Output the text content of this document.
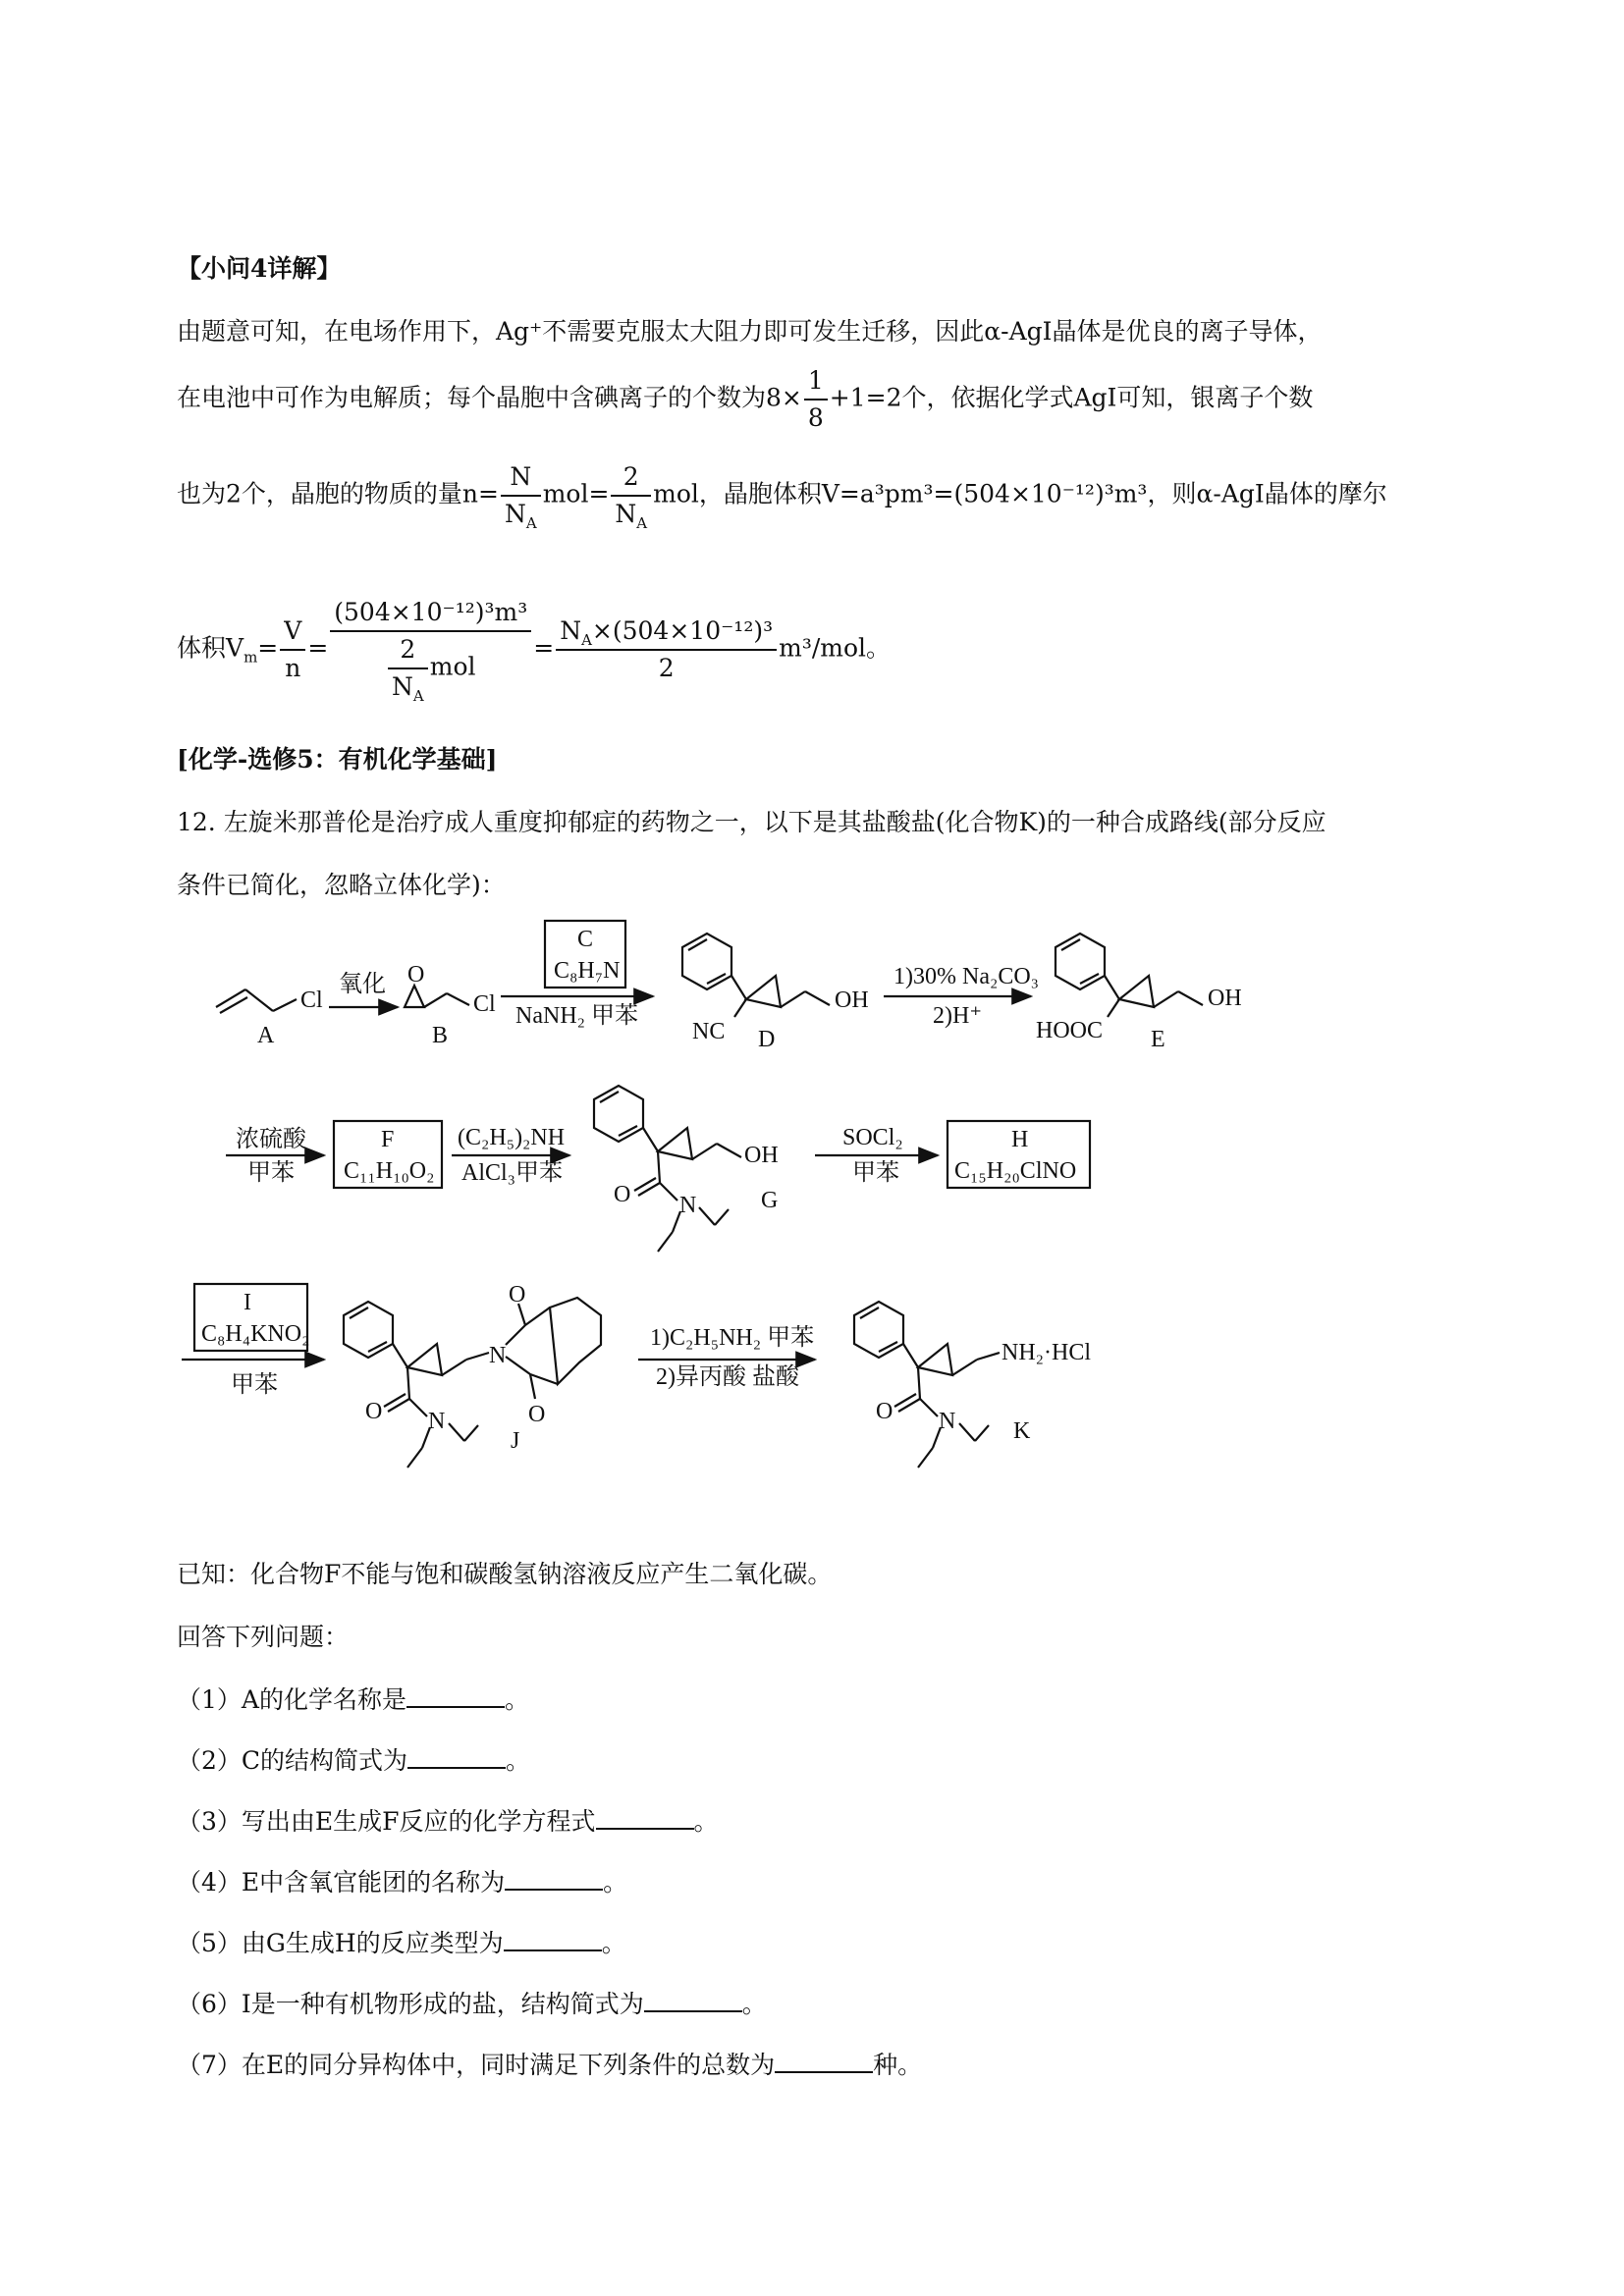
【小问4详解】
由题意可知，在电场作用下，Ag⁺不需要克服太大阻力即可发生迁移，因此α-AgI晶体是优良的离子导体，
在电池中可作为电解质；每个晶胞中含碘离子的个数为$8\times \frac{1}{8} +1=2$个，依据化学式AgI可知，银离子个数
也为2个，晶胞的物质的量$n= \frac{N}{N_A} mol= \frac{2}{N_A}$ mol，晶胞体积V=a³pm³=(504×10⁻¹²)³m³，则α-AgI晶体的摩尔
体积$V_m= \frac{V}{n} = \frac{\text{(504×10⁻¹²)³m³}}{\frac{2}{N_A} mol} = \frac{N_A\times(504\times 10^{-12})^3}{2} m^3/mol$。
[化学-选修5：有机化学基础]
12. 左旋米那普伦是治疗成人重度抑郁症的药物之一，以下是其盐酸盐(化合物K)的一种合成路线(部分反应
条件已简化，忽略立体化学)：
Cl
A
氧化 O
Cl
B
C
C₈H₇N
NaNH₂ 甲苯
OH
NC D
1)30% Na₂CO₃
2)H⁺
OH
HOOC E
浓硫酸
甲苯
F
C₁₁H₁₀O₂
(C₂H₅)₂NH
AlCl₃甲苯
OH
O N	G
SOCl₂
甲苯
H
C₁₅H₂₀ClNO
I
C₈H₄KNO₂
甲苯
N
O
O
O N
J
1)C₂H₅NH₂ 甲苯
2)异丙酸 盐酸
NH₂·HCl
O N K
已知：化合物F不能与饱和碳酸氢钠溶液反应产生二氧化碳。
回答下列问题：
（1）A的化学名称是	。
（2）C的结构简式为	。
（3）写出由E生成F反应的化学方程式	。
（4）E中含氧官能团的名称为	。
（5）由G生成H的反应类型为	。
（6）I是一种有机物形成的盐，结构简式为	。
（7）在E的同分异构体中，同时满足下列条件的总数为	种。
